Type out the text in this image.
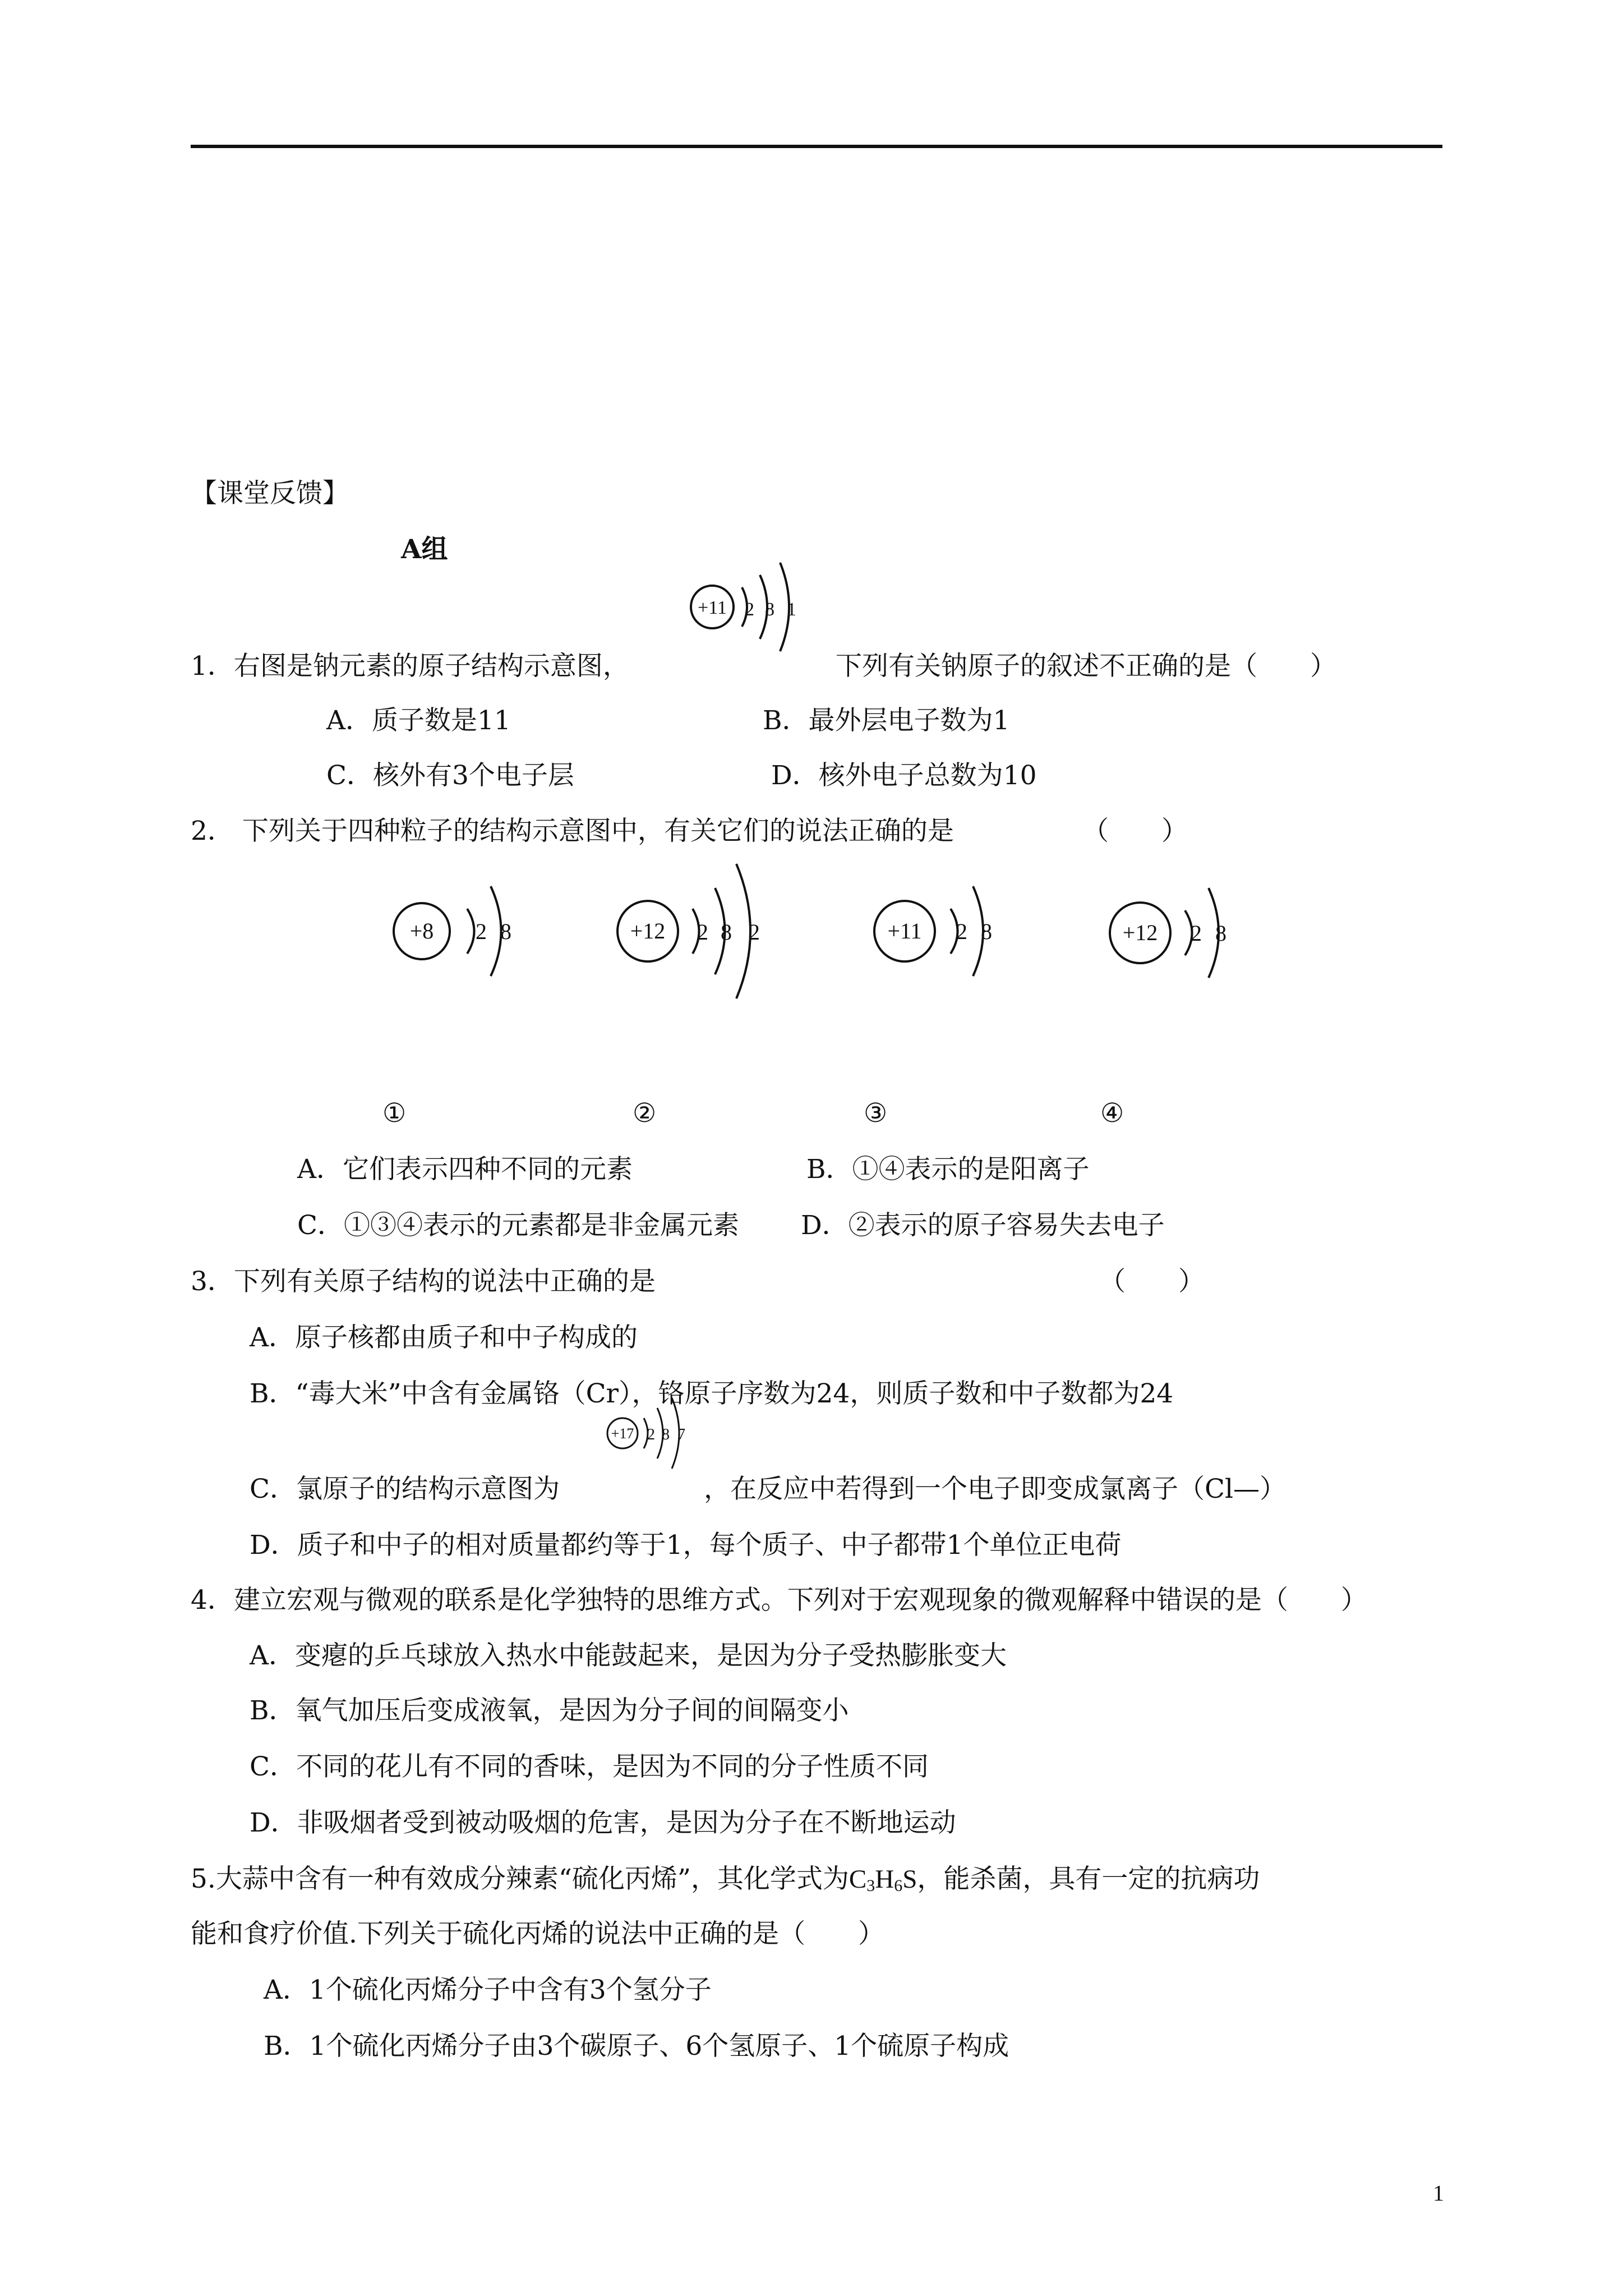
【课堂反馈】
A组
+11 2 8 1
1．右图是钠元素的原子结构示意图，	下列有关钠原子的叙述不正确的是（　　）
A．质子数是11	B．最外层电子数为1
C．核外有3个电子层	D．核外电子总数为10
2． 下列关于四种粒子的结构示意图中，有关它们的说法正确的是	（　　）
+8 2 8	+12 2 8 2	+11 2 8	+12 2 8
①	②	③	④
A．它们表示四种不同的元素	B．①④表示的是阳离子
C．①③④表示的元素都是非金属元素 D．②表示的原子容易失去电子
3．下列有关原子结构的说法中正确的是	（　　）
A．原子核都由质子和中子构成的
B．“毒大米”中含有金属铬（Cr），铬原子序数为24，则质子数和中子数都为24
+17 2 8 7
C．氯原子的结构示意图为	，在反应中若得到一个电子即变成氯离子（Cl—）
D．质子和中子的相对质量都约等于1，每个质子、中子都带1个单位正电荷
4．建立宏观与微观的联系是化学独特的思维方式。下列对于宏观现象的微观解释中错误的是（　　）
A．变瘪的乒乓球放入热水中能鼓起来，是因为分子受热膨胀变大
B．氧气加压后变成液氧，是因为分子间的间隔变小
C．不同的花儿有不同的香味，是因为不同的分子性质不同
D．非吸烟者受到被动吸烟的危害，是因为分子在不断地运动
5.大蒜中含有一种有效成分辣素“硫化丙烯”，其化学式为$C_3H_6S$，能杀菌，具有一定的抗病功
能和食疗价值.下列关于硫化丙烯的说法中正确的是（　　）
A．1个硫化丙烯分子中含有3个氢分子
B．1个硫化丙烯分子由3个碳原子、6个氢原子、1个硫原子构成
1
